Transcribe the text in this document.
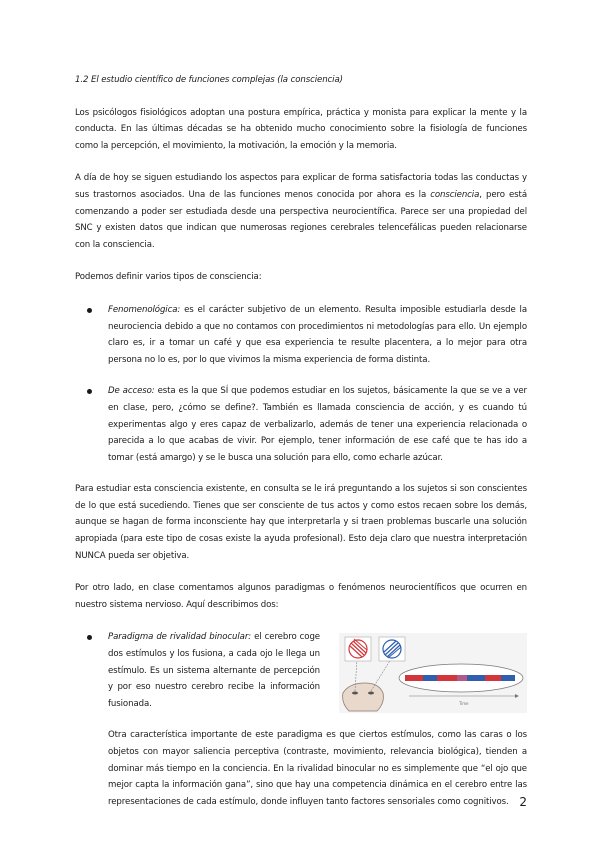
1.2 El estudio científico de funciones complejas (la consciencia)

Los psicólogos fisiológicos adoptan una postura empírica, práctica y monista para explicar la mente y la conducta. En las últimas décadas se ha obtenido mucho conocimiento sobre la fisiología de funciones como la percepción, el movimiento, la motivación, la emoción y la memoria.

A día de hoy se siguen estudiando los aspectos para explicar de forma satisfactoria todas las conductas y sus trastornos asociados. Una de las funciones menos conocida por ahora es la consciencia, pero está comenzando a poder ser estudiada desde una perspectiva neurocientífica. Parece ser una propiedad del SNC y existen datos que indican que numerosas regiones cerebrales telencefálicas pueden relacionarse con la consciencia.

Podemos definir varios tipos de consciencia:

Fenomenológica: es el carácter subjetivo de un elemento. Resulta imposible estudiarla desde la neurociencia debido a que no contamos con procedimientos ni metodologías para ello. Un ejemplo claro es, ir a tomar un café y que esa experiencia te resulte placentera, a lo mejor para otra persona no lo es, por lo que vivimos la misma experiencia de forma distinta.
De acceso: esta es la que SÍ que podemos estudiar en los sujetos, básicamente la que se ve a ver en clase, pero, ¿cómo se define?. También es llamada consciencia de acción, y es cuando tú experimentas algo y eres capaz de verbalizarlo, además de tener una experiencia relacionada o parecida a lo que acabas de vivir. Por ejemplo, tener información de ese café que te has ido a tomar (está amargo) y se le busca una solución para ello, como echarle azúcar.

Para estudiar esta consciencia existente, en consulta se le irá preguntando a los sujetos si son conscientes de lo que está sucediendo. Tienes que ser consciente de tus actos y como estos recaen sobre los demás, aunque se hagan de forma inconsciente hay que interpretarla y si traen problemas buscarle una solución apropiada (para este tipo de cosas existe la ayuda profesional). Esto deja claro que nuestra interpretación NUNCA pueda ser objetiva.

Por otro lado, en clase comentamos algunos paradigmas o fenómenos neurocientíficos que ocurren en nuestro sistema nervioso. Aquí describimos dos:

Paradigma de rivalidad binocular: el cerebro coge dos estímulos y los fusiona, a cada ojo le llega un estímulo. Es un sistema alternante de percepción y por eso nuestro cerebro recibe la información fusionada.	Time

Otra característica importante de este paradigma es que ciertos estímulos, como las caras o los objetos con mayor saliencia perceptiva (contraste, movimiento, relevancia biológica), tienden a dominar más tiempo en la conciencia. En la rivalidad binocular no es simplemente que “el ojo que mejor capta la información gana”, sino que hay una competencia dinámica en el cerebro entre las representaciones de cada estímulo, donde influyen tanto factores sensoriales como cognitivos. 2
